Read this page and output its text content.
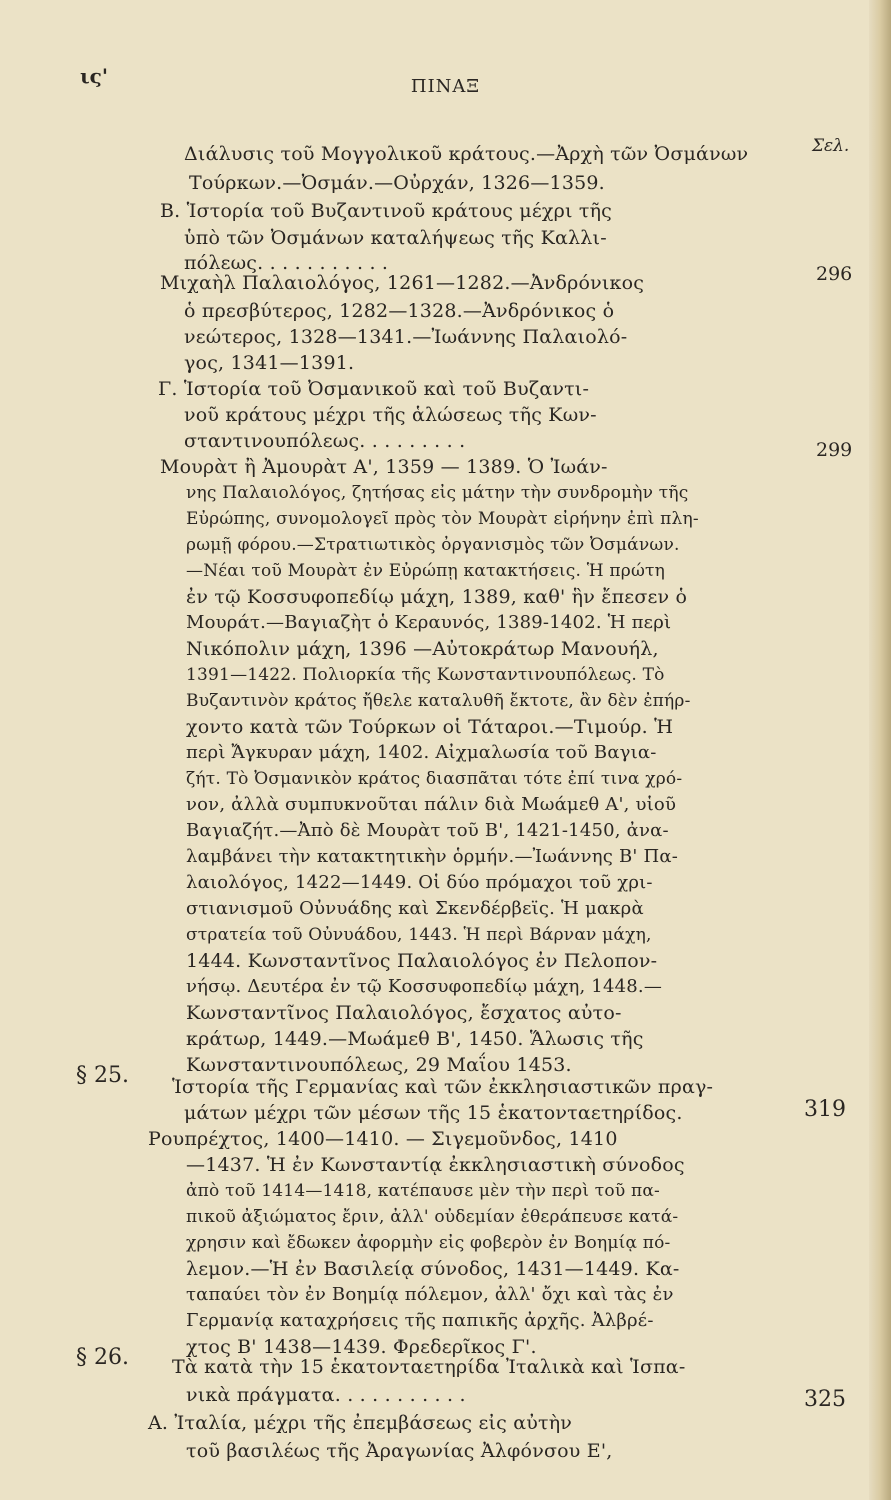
ις'	ΠΙΝΑΞ
Σελ.
Διάλυσις τοῦ Μογγολικοῦ κράτους.—Ἀρχὴ τῶν Ὀσμάνων
Τούρκων.—Ὀσμάν.—Οὐρχάν, 1326—1359.
Β. Ἱστορία τοῦ Βυζαντινοῦ κράτους μέχρι τῆς
ὑπὸ τῶν Ὀσμάνων καταλήψεως τῆς Καλλι-
πόλεως. . . . . . . . . . .	296
Μιχαὴλ Παλαιολόγος, 1261—1282.—Ἀνδρόνικος
ὁ πρεσβύτερος, 1282—1328.—Ἀνδρόνικος ὁ
νεώτερος, 1328—1341.—Ἰωάννης Παλαιολό-
γος, 1341—1391.
Γ. Ἱστορία τοῦ Ὀσμανικοῦ καὶ τοῦ Βυζαντι-
νοῦ κράτους μέχρι τῆς ἁλώσεως τῆς Κων-
σταντινουπόλεως. . . . . . . . .	299
Μουρὰτ ἢ Ἀμουρὰτ Α', 1359 — 1389. Ὁ Ἰωάν-
νης Παλαιολόγος, ζητήσας εἰς μάτην τὴν συνδρομὴν τῆς
Εὐρώπης, συνομολογεῖ πρὸς τὸν Μουρὰτ εἰρήνην ἐπὶ πλη-
ρωμῇ φόρου.—Στρατιωτικὸς ὀργανισμὸς τῶν Ὀσμάνων.
—Νέαι τοῦ Μουρὰτ ἐν Εὐρώπῃ κατακτήσεις. Ἡ πρώτη
ἐν τῷ Κοσσυφοπεδίῳ μάχη, 1389, καθ' ἣν ἔπεσεν ὁ
Μουράτ.—Βαγιαζὴτ ὁ Κεραυνός, 1389-1402. Ἡ περὶ
Νικόπολιν μάχη, 1396 —Αὐτοκράτωρ Μανουήλ,
1391—1422. Πολιορκία τῆς Κωνσταντινουπόλεως. Τὸ
Βυζαντινὸν κράτος ἤθελε καταλυθῆ ἔκτοτε, ἂν δὲν ἐπήρ-
χοντο κατὰ τῶν Τούρκων οἱ Τάταροι.—Τιμούρ. Ἡ
περὶ Ἄγκυραν μάχη, 1402. Αἰχμαλωσία τοῦ Βαγια-
ζήτ. Τὸ Ὀσμανικὸν κράτος διασπᾶται τότε ἐπί τινα χρό-
νον, ἀλλὰ συμπυκνοῦται πάλιν διὰ Μωάμεθ Α', υἱοῦ
Βαγιαζήτ.—Ἀπὸ δὲ Μουρὰτ τοῦ Β', 1421-1450, ἀνα-
λαμβάνει τὴν κατακτητικὴν ὁρμήν.—Ἰωάννης Β' Πα-
λαιολόγος, 1422—1449. Οἱ δύο πρόμαχοι τοῦ χρι-
στιανισμοῦ Οὐνυάδης καὶ Σκενδέρβεϊς. Ἡ μακρὰ
στρατεία τοῦ Οὐνυάδου, 1443. Ἡ περὶ Βάρναν μάχη,
1444. Κωνσταντῖνος Παλαιολόγος ἐν Πελοπον-
νήσῳ. Δευτέρα ἐν τῷ Κοσσυφοπεδίῳ μάχη, 1448.—
Κωνσταντῖνος Παλαιολόγος, ἔσχατος αὐτο-
κράτωρ, 1449.—Μωάμεθ Β', 1450. Ἅλωσις τῆς
Κωνσταντινουπόλεως, 29 Μαΐου 1453.
§ 25. Ἱστορία τῆς Γερμανίας καὶ τῶν ἐκκλησιαστικῶν πραγ-
μάτων μέχρι τῶν μέσων τῆς 15 ἑκατονταετηρίδος.	319
Ρουπρέχτος, 1400—1410. — Σιγεμοῦνδος, 1410
—1437. Ἡ ἐν Κωνσταντίᾳ ἐκκλησιαστικὴ σύνοδος
ἀπὸ τοῦ 1414—1418, κατέπαυσε μὲν τὴν περὶ τοῦ πα-
πικοῦ ἀξιώματος ἔριν, ἀλλ' οὐδεμίαν ἐθεράπευσε κατά-
χρησιν καὶ ἔδωκεν ἀφορμὴν εἰς φοβερὸν ἐν Βοημίᾳ πό-
λεμον.—Ἡ ἐν Βασιλείᾳ σύνοδος, 1431—1449. Κα-
ταπαύει τὸν ἐν Βοημίᾳ πόλεμον, ἀλλ' ὄχι καὶ τὰς ἐν
Γερμανίᾳ καταχρήσεις τῆς παπικῆς ἀρχῆς. Ἀλβρέ-
χτος Β' 1438—1439. Φρεδερῖκος Γ'.
§ 26. Τὰ κατὰ τὴν 15 ἑκατονταετηρίδα Ἰταλικὰ καὶ Ἱσπα-
νικὰ πράγματα. . . . . . . . . . .	325
Α. Ἰταλία, μέχρι τῆς ἐπεμβάσεως εἰς αὐτὴν
τοῦ βασιλέως τῆς Ἀραγωνίας Ἀλφόνσου Ε',
